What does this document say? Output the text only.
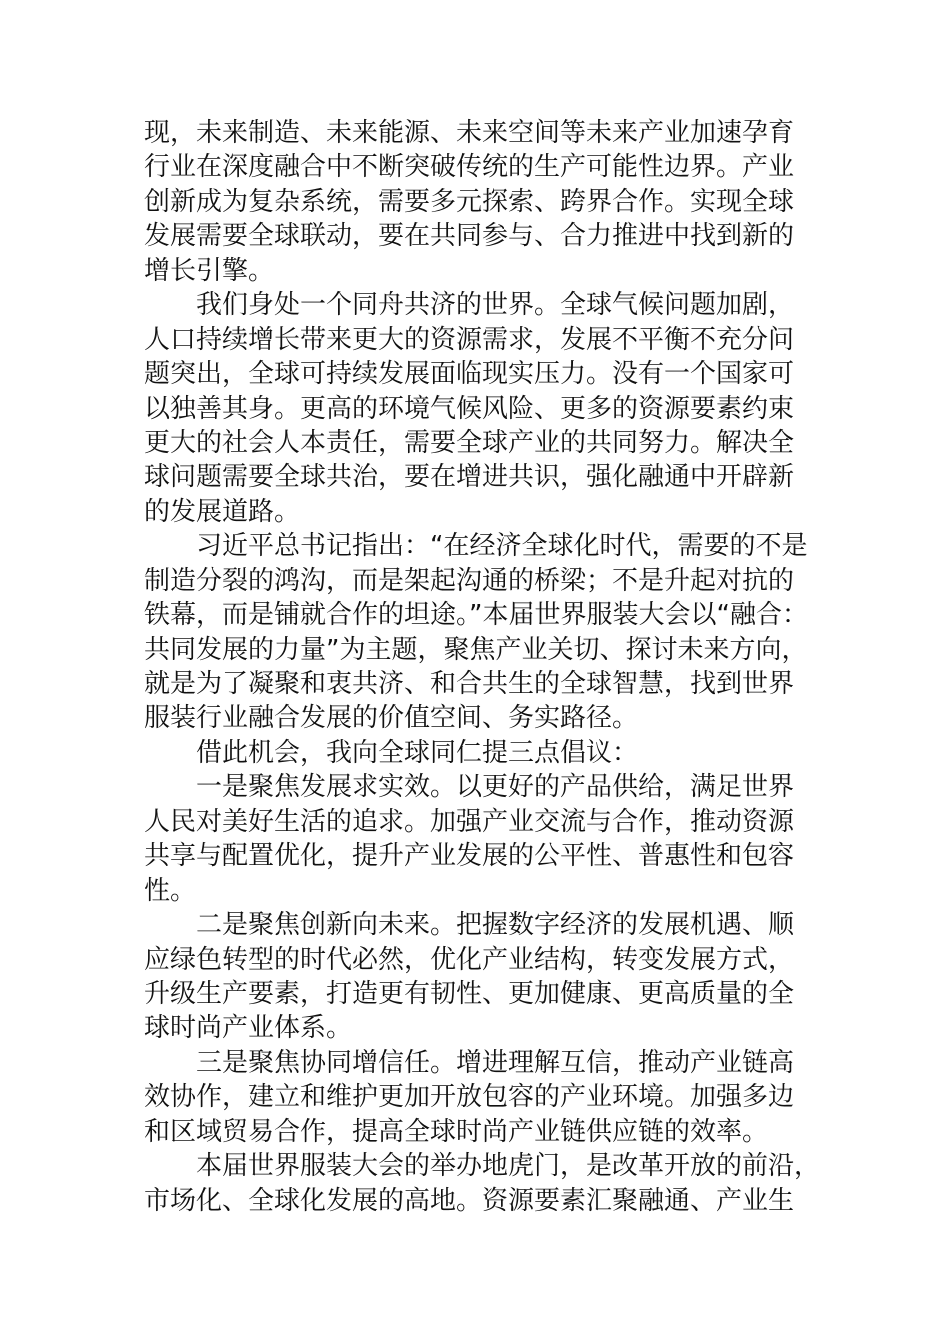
现，未来制造、未来能源、未来空间等未来产业加速孕育
行业在深度融合中不断突破传统的生产可能性边界。产业
创新成为复杂系统，需要多元探索、跨界合作。实现全球
发展需要全球联动，要在共同参与、合力推进中找到新的
增长引擎。
我们身处一个同舟共济的世界。全球气候问题加剧，
人口持续增长带来更大的资源需求，发展不平衡不充分问
题突出，全球可持续发展面临现实压力。没有一个国家可
以独善其身。更高的环境气候风险、更多的资源要素约束
更大的社会人本责任，需要全球产业的共同努力。解决全
球问题需要全球共治，要在增进共识，强化融通中开辟新
的发展道路。
习近平总书记指出：“在经济全球化时代，需要的不是
制造分裂的鸿沟，而是架起沟通的桥梁；不是升起对抗的
铁幕，而是铺就合作的坦途。”本届世界服装大会以“融合：
共同发展的力量”为主题，聚焦产业关切、探讨未来方向，
就是为了凝聚和衷共济、和合共生的全球智慧，找到世界
服装行业融合发展的价值空间、务实路径。
借此机会，我向全球同仁提三点倡议：
一是聚焦发展求实效。以更好的产品供给，满足世界
人民对美好生活的追求。加强产业交流与合作，推动资源
共享与配置优化，提升产业发展的公平性、普惠性和包容
性。
二是聚焦创新向未来。把握数字经济的发展机遇、顺
应绿色转型的时代必然，优化产业结构，转变发展方式，
升级生产要素，打造更有韧性、更加健康、更高质量的全
球时尚产业体系。
三是聚焦协同增信任。增进理解互信，推动产业链高
效协作，建立和维护更加开放包容的产业环境。加强多边
和区域贸易合作，提高全球时尚产业链供应链的效率。
本届世界服装大会的举办地虎门，是改革开放的前沿，
市场化、全球化发展的高地。资源要素汇聚融通、产业生
